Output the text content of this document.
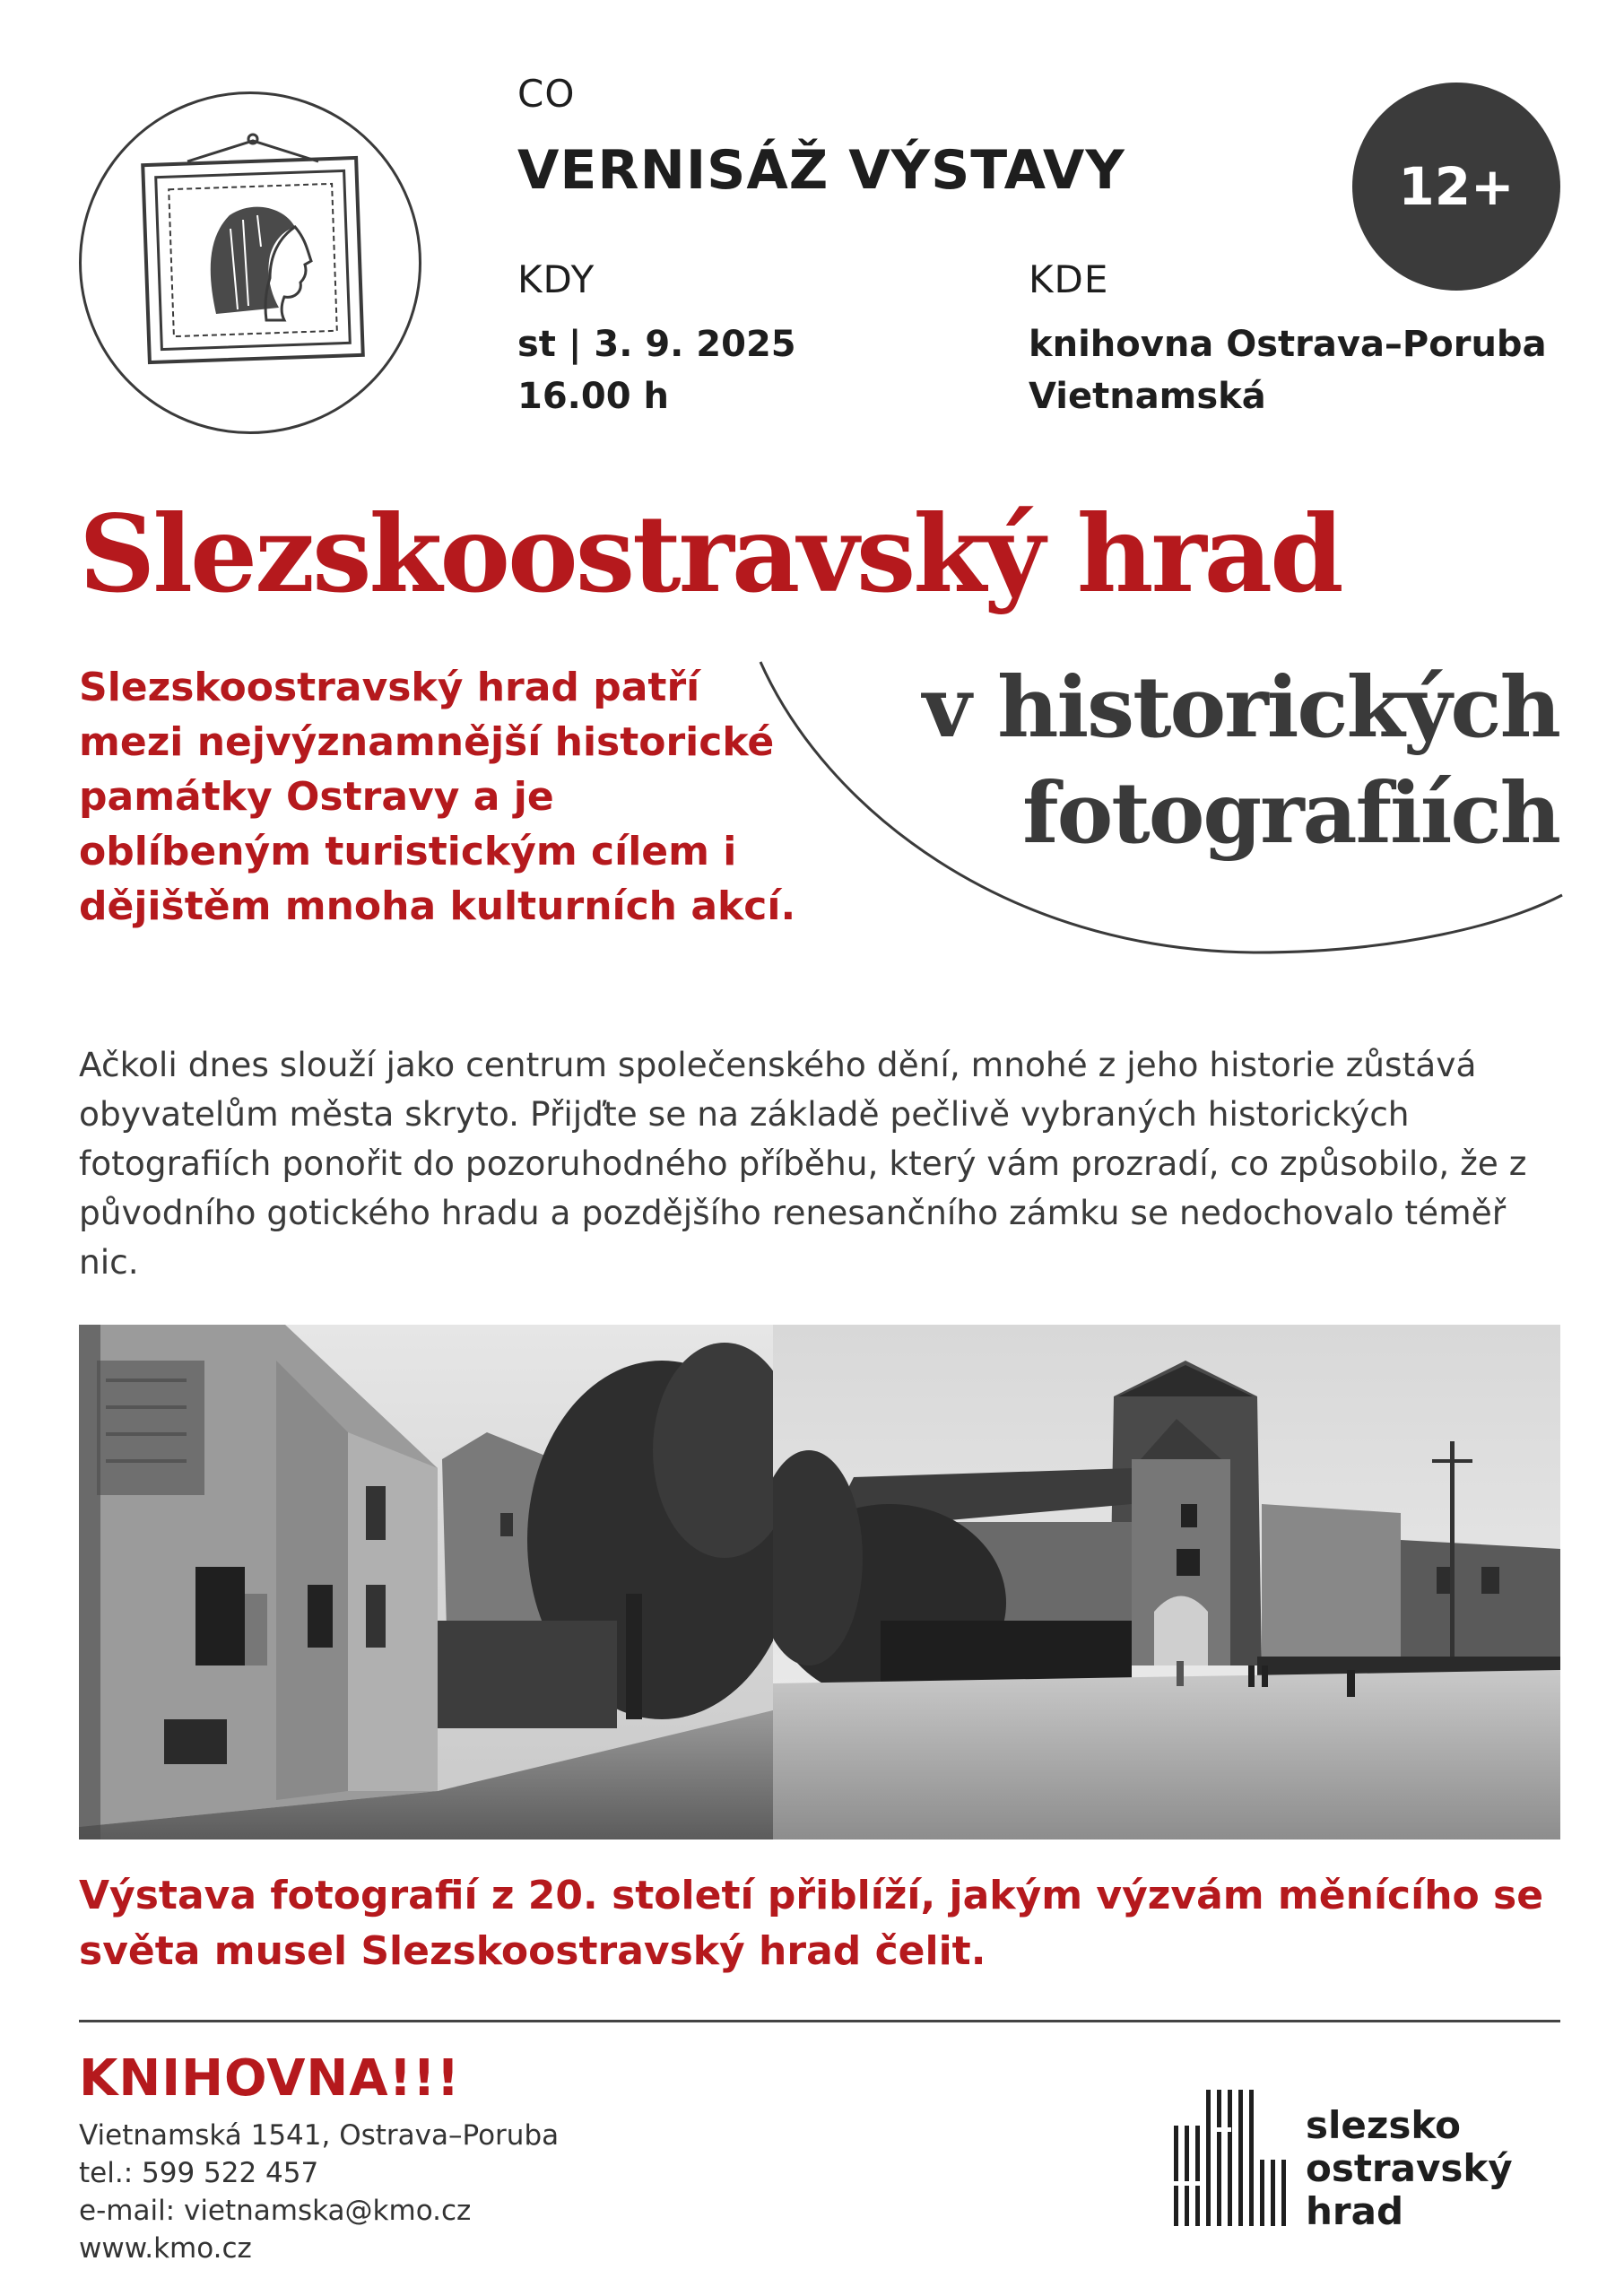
CO
VERNISÁŽ VÝSTAVY
KDY
st | 3. 9. 2025
16.00 h
KDE
knihovna Ostrava–Poruba
Vietnamská
12+
Slezskoostravský hrad
v historických
fotografiích
Slezskoostravský hrad patří mezi nejvýznamnější historické památky Ostravy a je oblíbeným turistickým cílem i dějištěm mnoha kulturních akcí.
Ačkoli dnes slouží jako centrum společenského dění, mnohé z jeho historie zůstává obyvatelům města skryto. Přijďte se na základě pečlivě vybraných historických fotografiích ponořit do pozoruhodného příběhu, který vám prozradí, co způsobilo, že z původního gotického hradu a pozdějšího renesančního zámku se nedochovalo téměř nic.
Výstava fotografií z 20. století přiblíží, jakým výzvám měnícího se světa musel Slezskoostravský hrad čelit.
KNIHOVNA!!!
Vietnamská 1541, Ostrava–Poruba
tel.: 599 522 457
e-mail: vietnamska@kmo.cz
www.kmo.cz
slezsko
ostravský
hrad
